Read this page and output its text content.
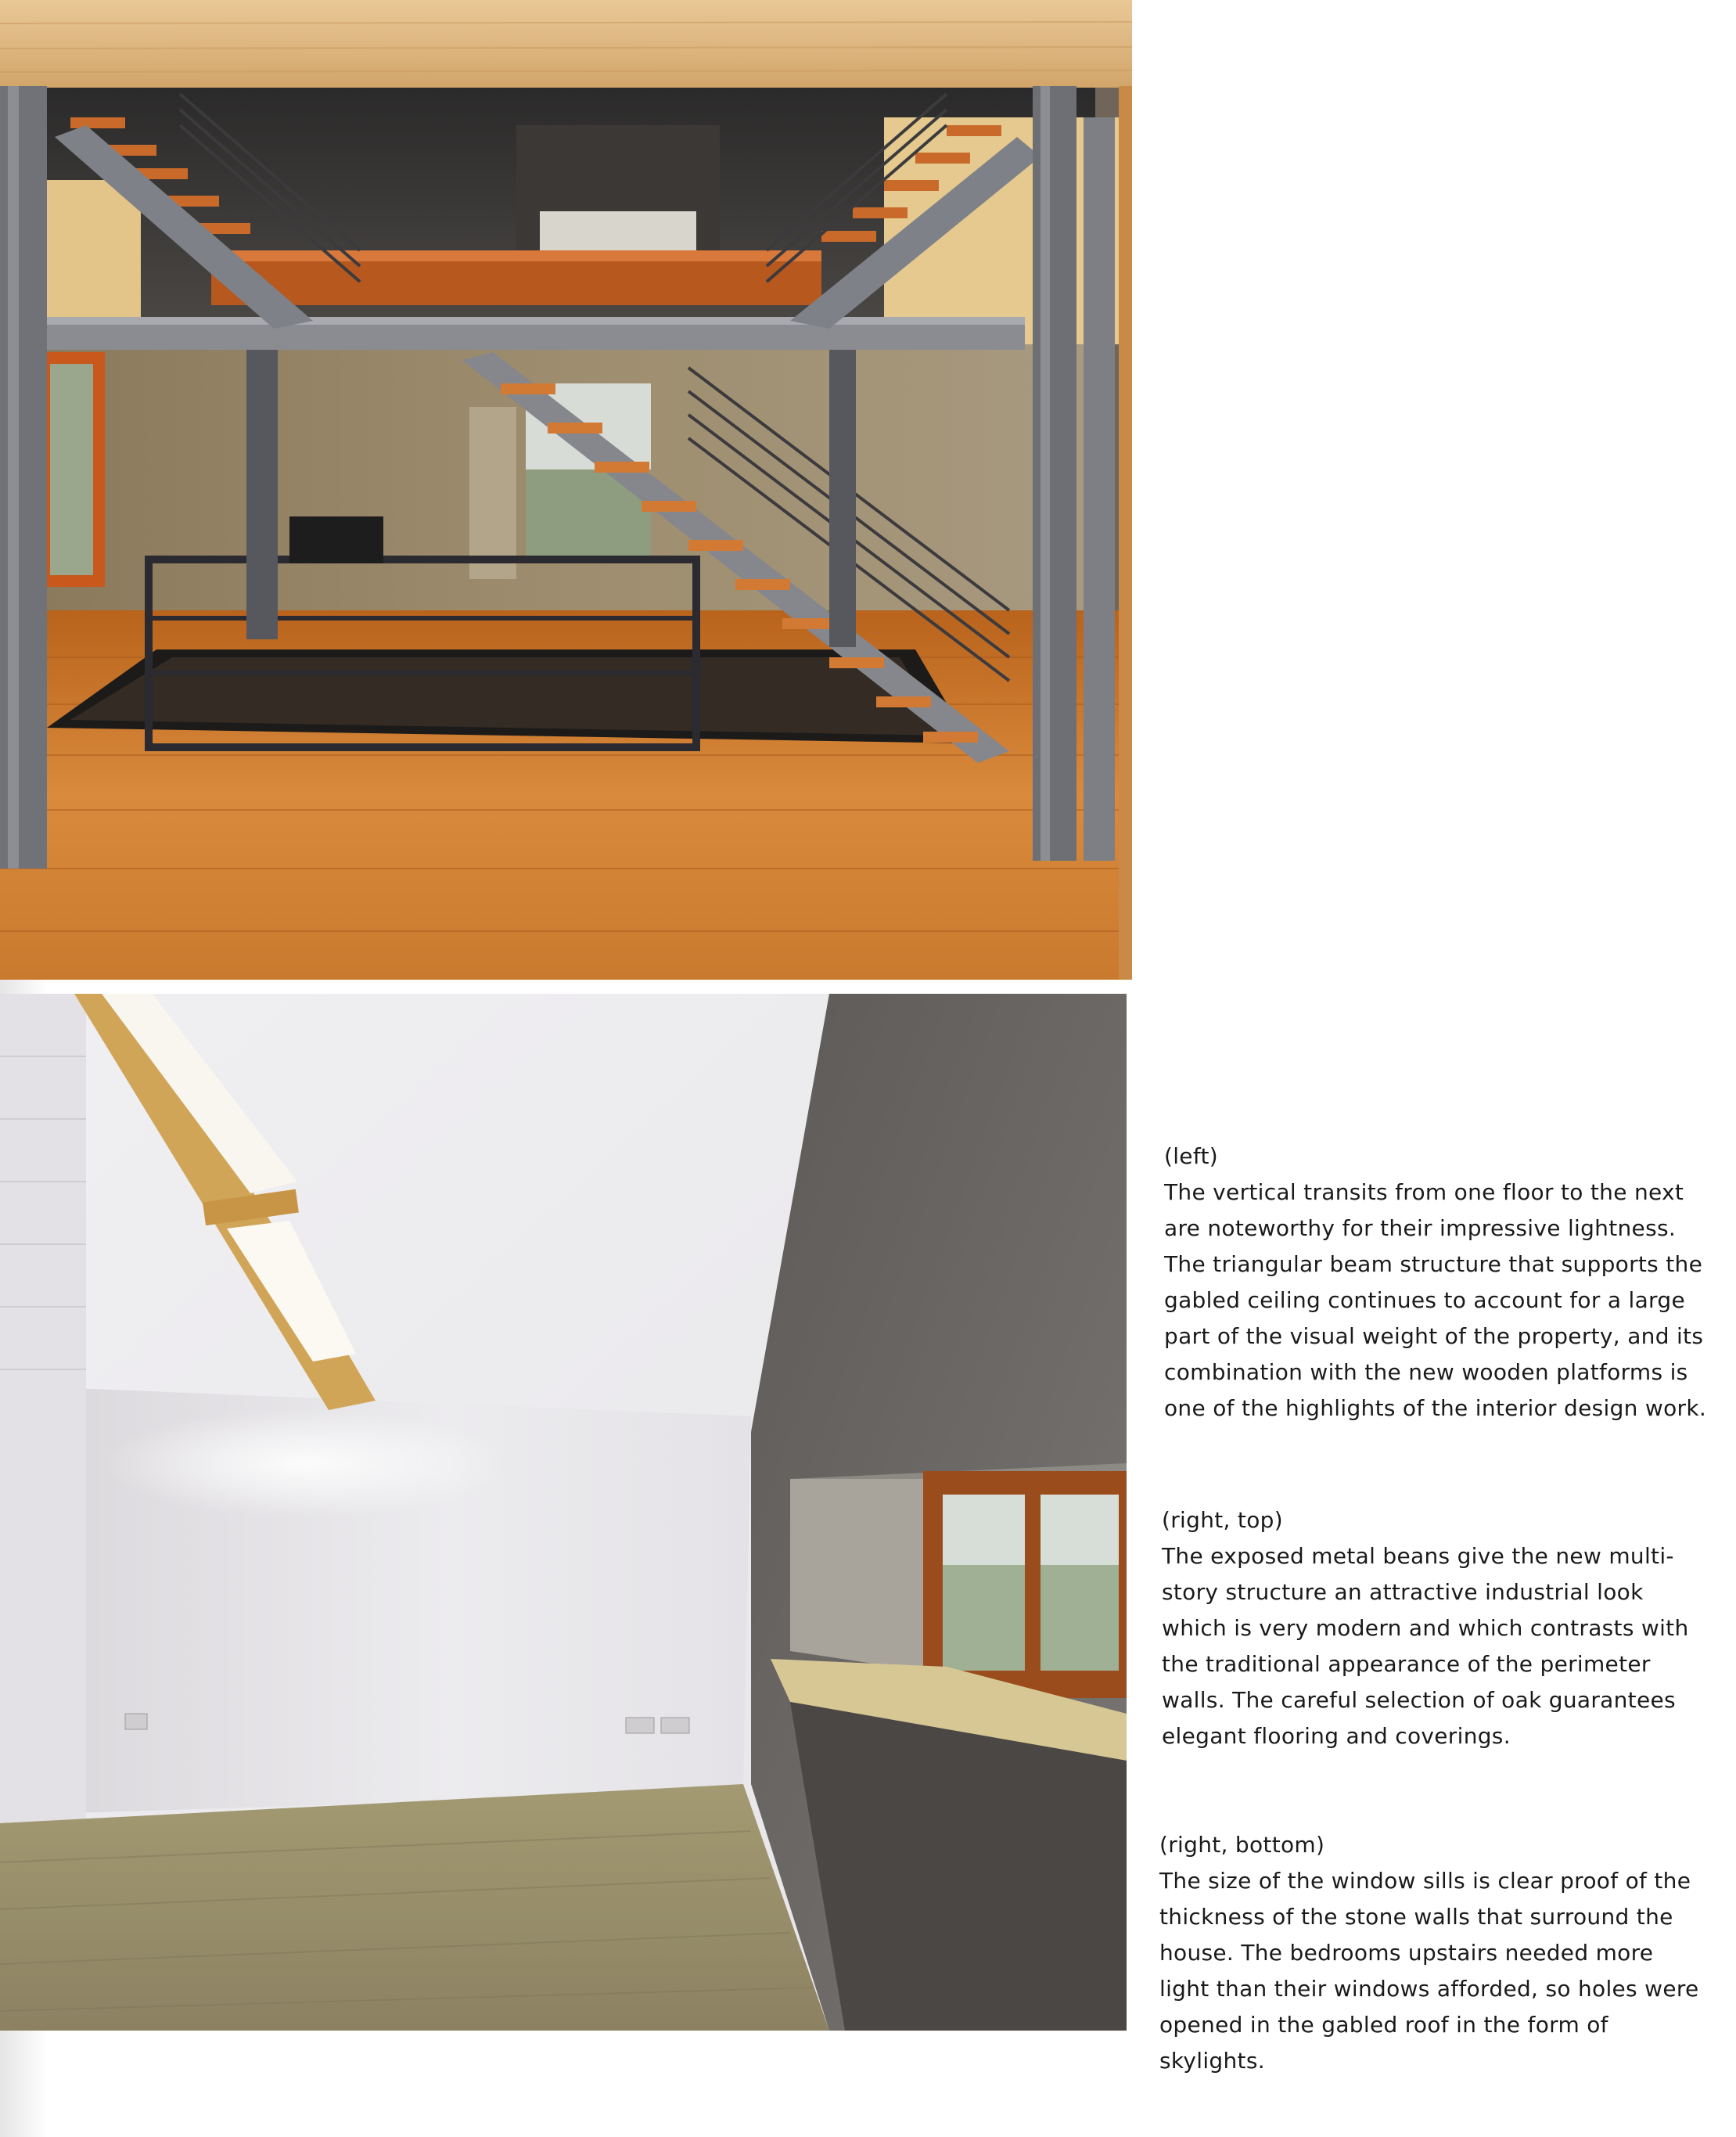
(left)
The vertical transits from one floor to the next are noteworthy for their impressive lightness. The triangular beam structure that supports the gabled ceiling continues to account for a large part of the visual weight of the property, and its combination with the new wooden platforms is one of the highlights of the interior design work.

(right, top)
The exposed metal beans give the new multi-story structure an attractive industrial look which is very modern and which contrasts with the traditional appearance of the perimeter walls. The careful selection of oak guarantees elegant flooring and coverings.

(right, bottom)
The size of the window sills is clear proof of the thickness of the stone walls that surround the house. The bedrooms upstairs needed more light than their windows afforded, so holes were opened in the gabled roof in the form of skylights.
